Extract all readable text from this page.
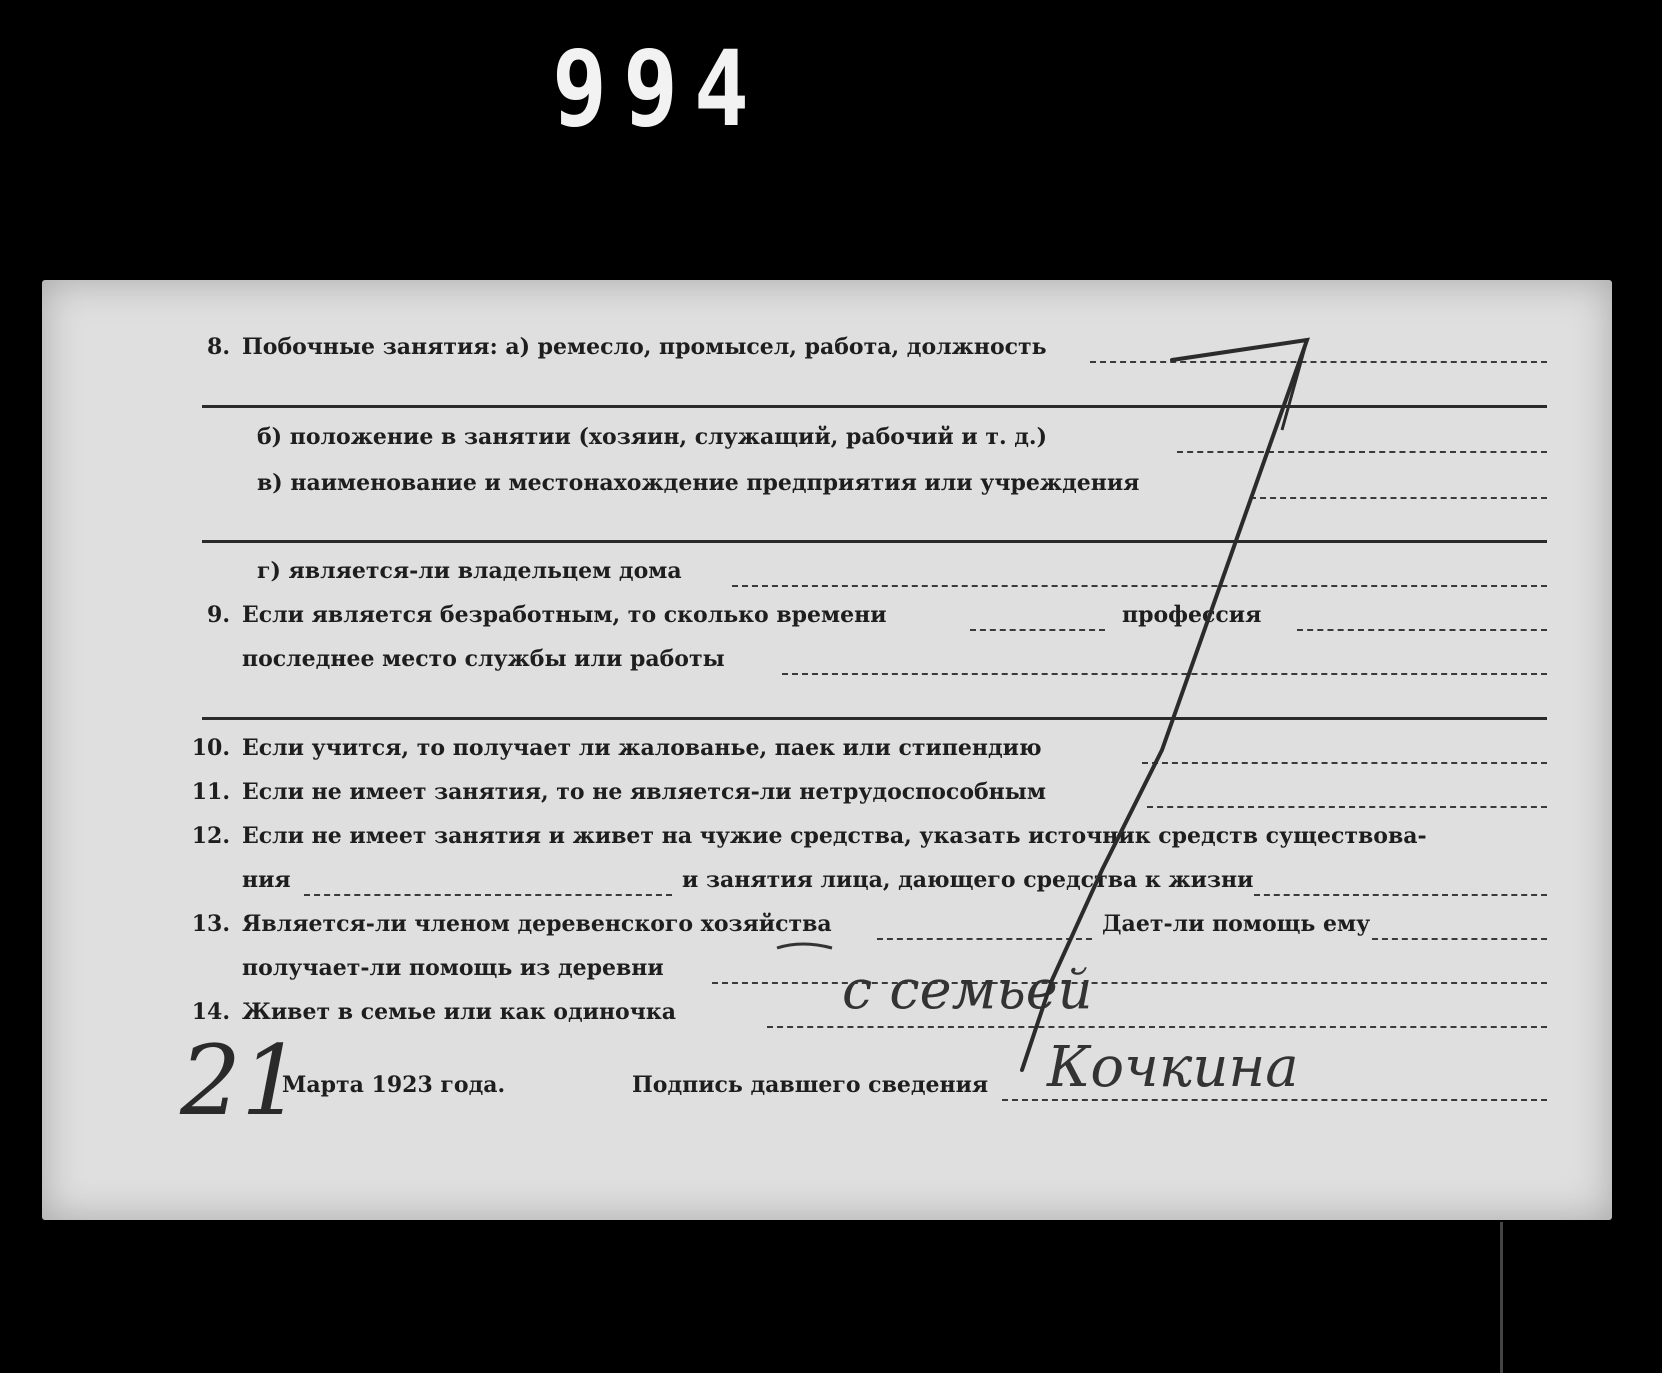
994
8. Побочные занятия: а) ремесло, промысел, работа, должность
б) положение в занятии (хозяин, служащий, рабочий и т. д.)
в) наименование и местонахождение предприятия или учреждения
г) является-ли владельцем дома
9. Если является безработным, то сколько времени	профессия
последнее место службы или работы
10. Если учится, то получает ли жалованье, паек или стипендию
11. Если не имеет занятия, то не является-ли нетрудоспособным
12. Если не имеет занятия и живет на чужие средства, указать источник средств существова-
ния	и занятия лица, дающего средства к жизни
13. Является-ли членом деревенского хозяйства	Дает-ли помощь ему
получает-ли помощь из деревни
14. Живет в семье или как одиночка	с семьей
21
Марта 1923 года.	Подпись давшего сведения Кочкина
